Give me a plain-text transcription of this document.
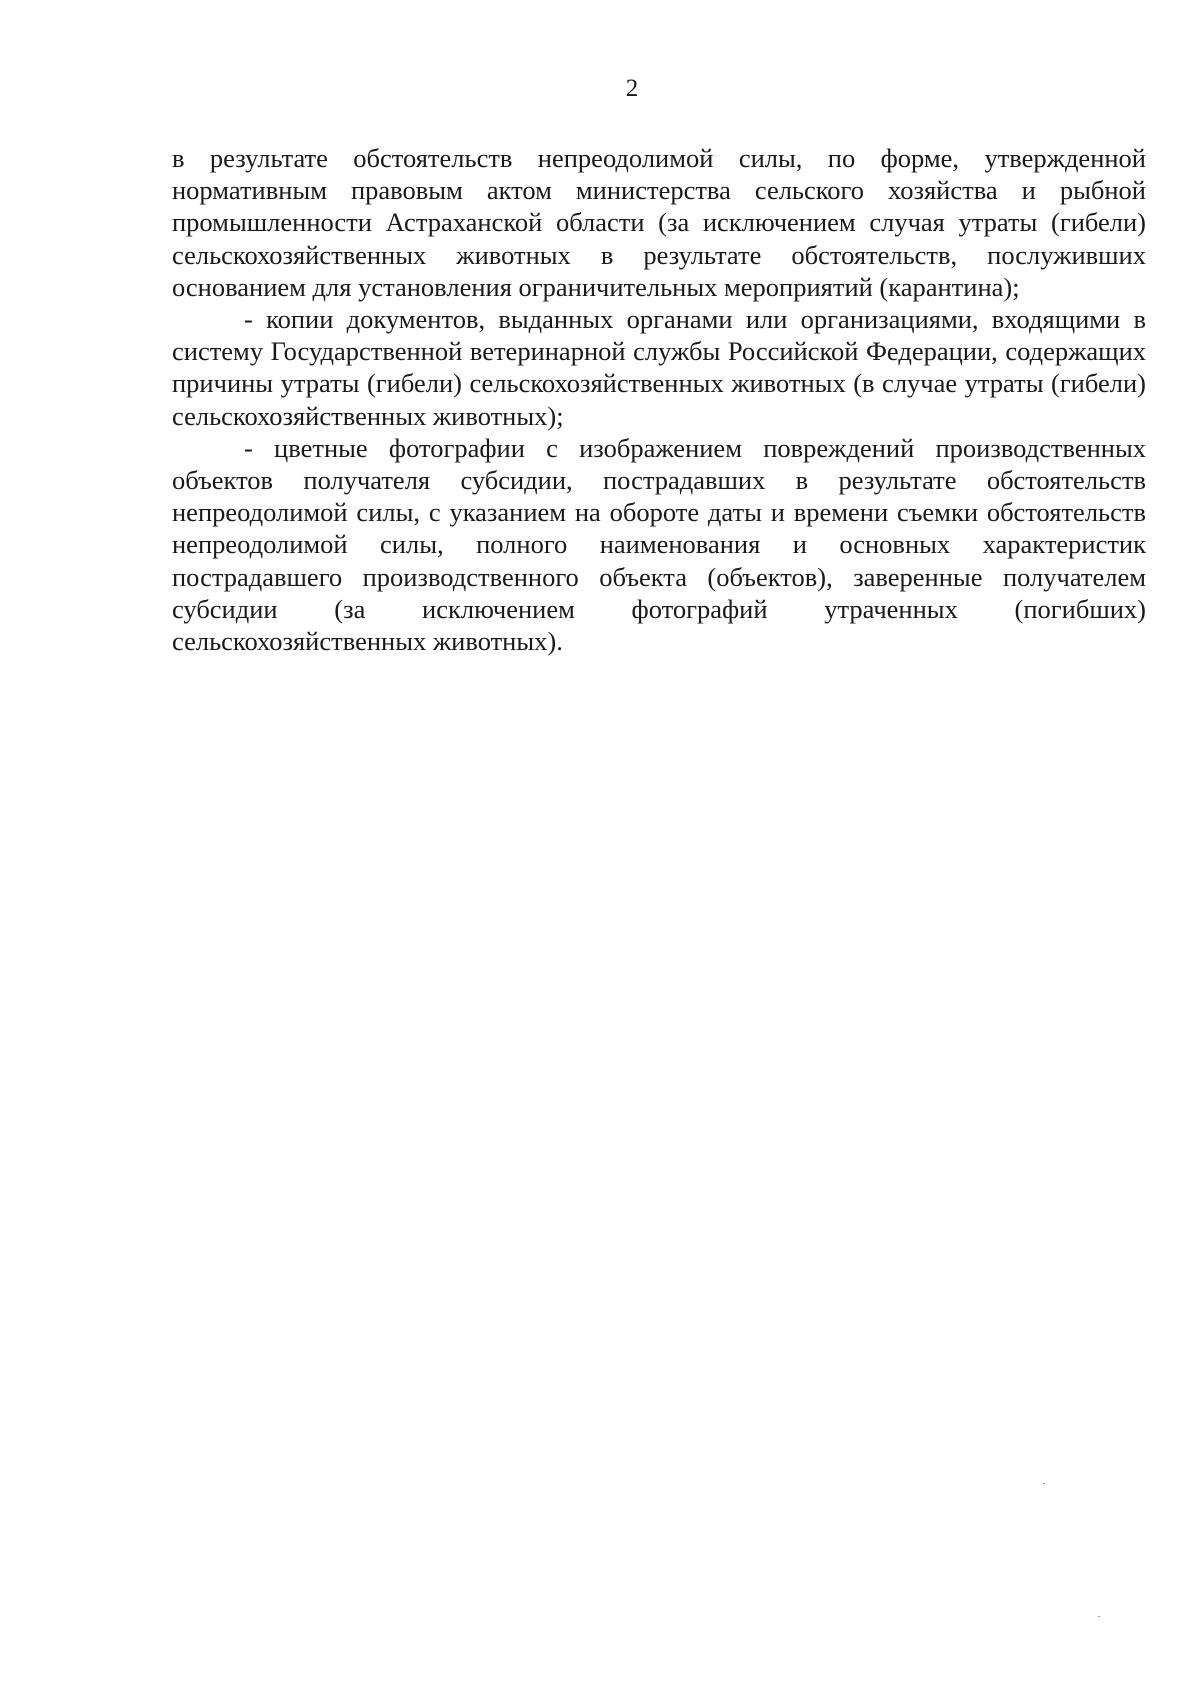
2

в результате обстоятельств непреодолимой силы, по форме, утвержденной нормативным правовым актом министерства сельского хозяйства и рыбной промышленности Астраханской области (за исключением случая утраты (гибели) сельскохозяйственных животных в результате обстоятельств, послуживших основанием для установления ограничительных мероприятий (карантина);

- копии документов, выданных органами или организациями, входящими в систему Государственной ветеринарной службы Российской Федерации, содержащих причины утраты (гибели) сельскохозяйственных животных (в случае утраты (гибели) сельскохозяйственных животных);

- цветные фотографии с изображением повреждений производственных объектов получателя субсидии, пострадавших в результате обстоятельств непреодолимой силы, с указанием на обороте даты и времени съемки обстоятельств непреодолимой силы, полного наименования и основных характеристик пострадавшего производственного объекта (объектов), заверенные получателем субсидии (за исключением фотографий утраченных (погибших) сельскохозяйственных животных).
